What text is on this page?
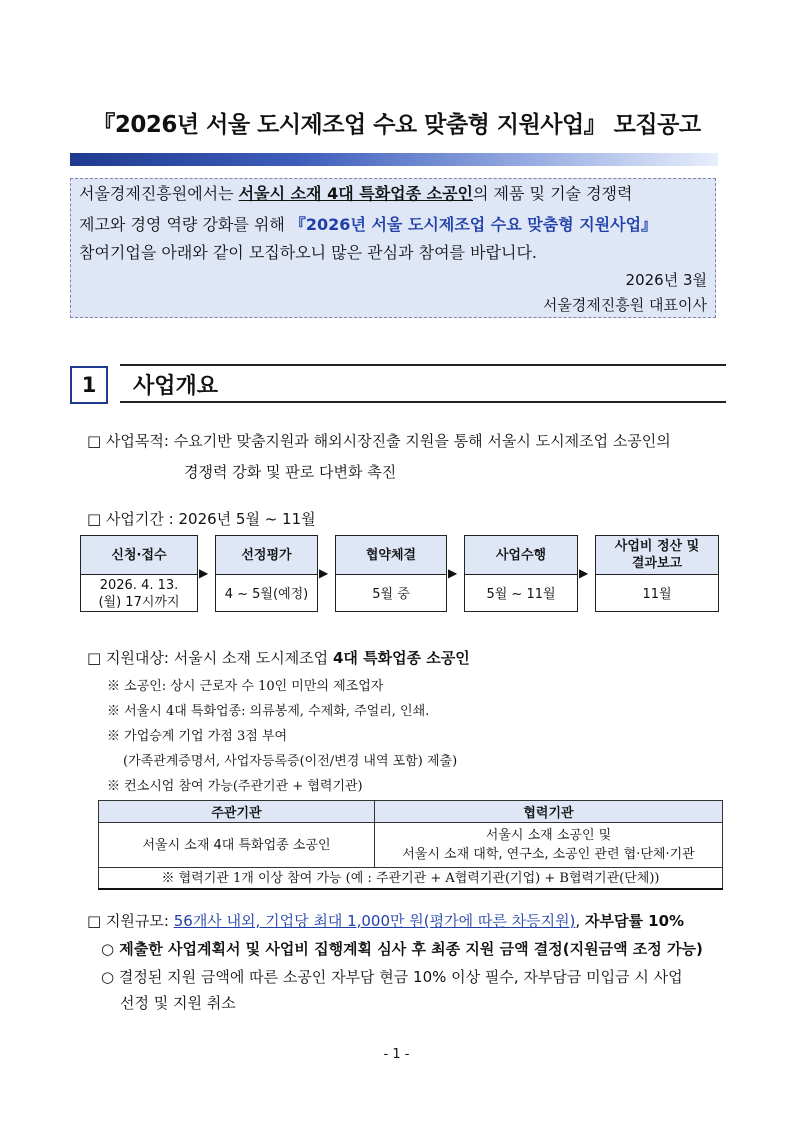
『2026년 서울 도시제조업 수요 맞춤형 지원사업』 모집공고
서울경제진흥원에서는 서울시 소재 4대 특화업종 소공인의 제품 및 기술 경쟁력
제고와 경영 역량 강화를 위해 『2026년 서울 도시제조업 수요 맞춤형 지원사업』
참여기업을 아래와 같이 모집하오니 많은 관심과 참여를 바랍니다.
2026년 3월
서울경제진흥원 대표이사
1	사업개요
□ 사업목적: 수요기반 맞춤지원과 해외시장진출 지원을 통해 서울시 도시제조업 소공인의
경쟁력 강화 및 판로 다변화 촉진
□ 사업기간 : 2026년 5월 ~ 11월
신청·접수
2026. 4. 13.(월) 17시까지
▶
선정평가
4 ~ 5월(예정)
▶
협약체결
5월 중
▶
사업수행
5월 ~ 11월
▶
사업비 정산 및 결과보고
11월
□ 지원대상: 서울시 소재 도시제조업 4대 특화업종 소공인
※ 소공인: 상시 근로자 수 10인 미만의 제조업자
※ 서울시 4대 특화업종: 의류봉제, 수제화, 주얼리, 인쇄.
※ 가업승계 기업 가점 3점 부여
(가족관계증명서, 사업자등록증(이전/변경 내역 포함) 제출)
※ 컨소시엄 참여 가능(주관기관 + 협력기관)
주관기관	협력기관
서울시 소재 4대 특화업종 소공인	서울시 소재 소공인 및
서울시 소재 대학, 연구소, 소공인 관련 협·단체·기관

※ 협력기관 1개 이상 참여 가능 (예 : 주관기관 + A협력기관(기업) + B협력기관(단체))	
□ 지원규모: 56개사 내외, 기업당 최대 1,000만 원(평가에 따른 차등지원), 자부담률 10%
○ 제출한 사업계획서 및 사업비 집행계획 심사 후 최종 지원 금액 결정(지원금액 조정 가능)
○ 결정된 지원 금액에 따른 소공인 자부담 현금 10% 이상 필수, 자부담금 미입금 시 사업
선정 및 지원 취소
- 1 -
